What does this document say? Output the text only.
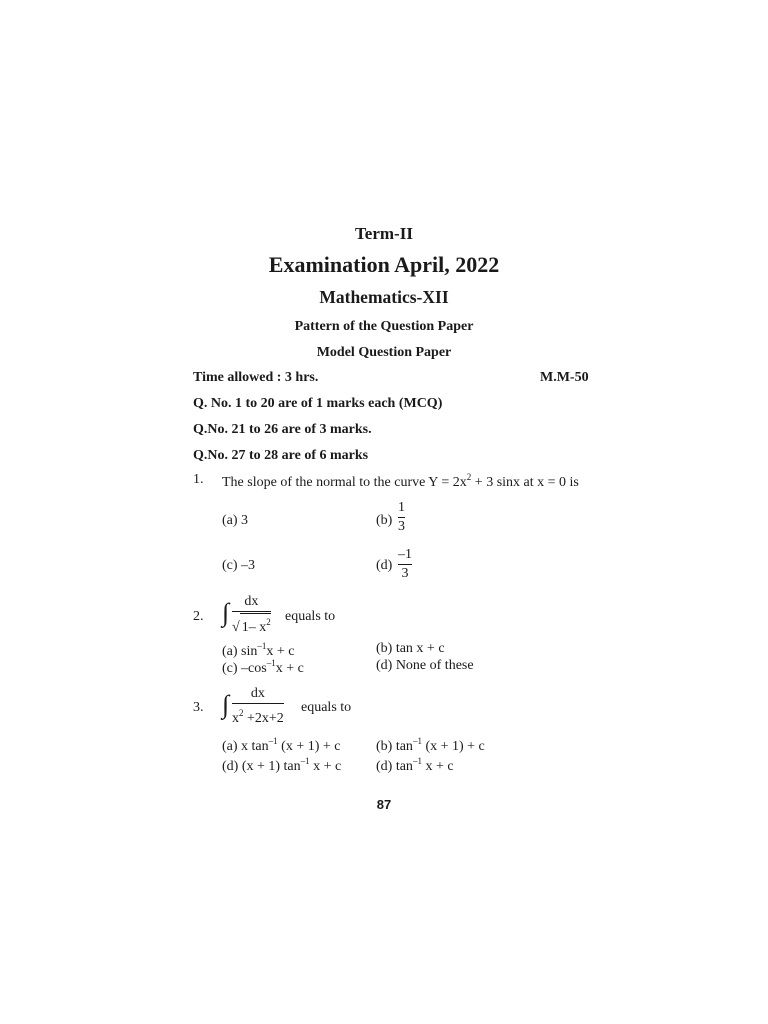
Term-II
Examination April, 2022
Mathematics-XII
Pattern of the Question Paper
Model Question Paper
Time allowed : 3 hrs.	M.M-50
Q. No. 1 to 20 are of 1 marks each (MCQ)
Q.No. 21 to 26 are of 3 marks.
Q.No. 27 to 28 are of 6 marks
1. The slope of the normal to the curve $Y = 2x^2 + 3$ sinx at x = 0 is
(a) 3	(b)
1
3
(c) –3	(d)
–1
3
2. ∫	dx
√ 1– $x^2$ equals to
(a) $\sin^{-1}x + c$	(b) tan x + c
(c) $-\cos^{-1}x + c$	(d) None of these
3. ∫	dx
$x^2 +2x+2$
equals to
(a) x $\tan^{-1} (x + 1) + c$	(b) $\tan^{-1} (x + 1) + c$
(d) (x + 1) $\tan^{-1} x + c$ (d) $\tan^{-1} x + c$
87
